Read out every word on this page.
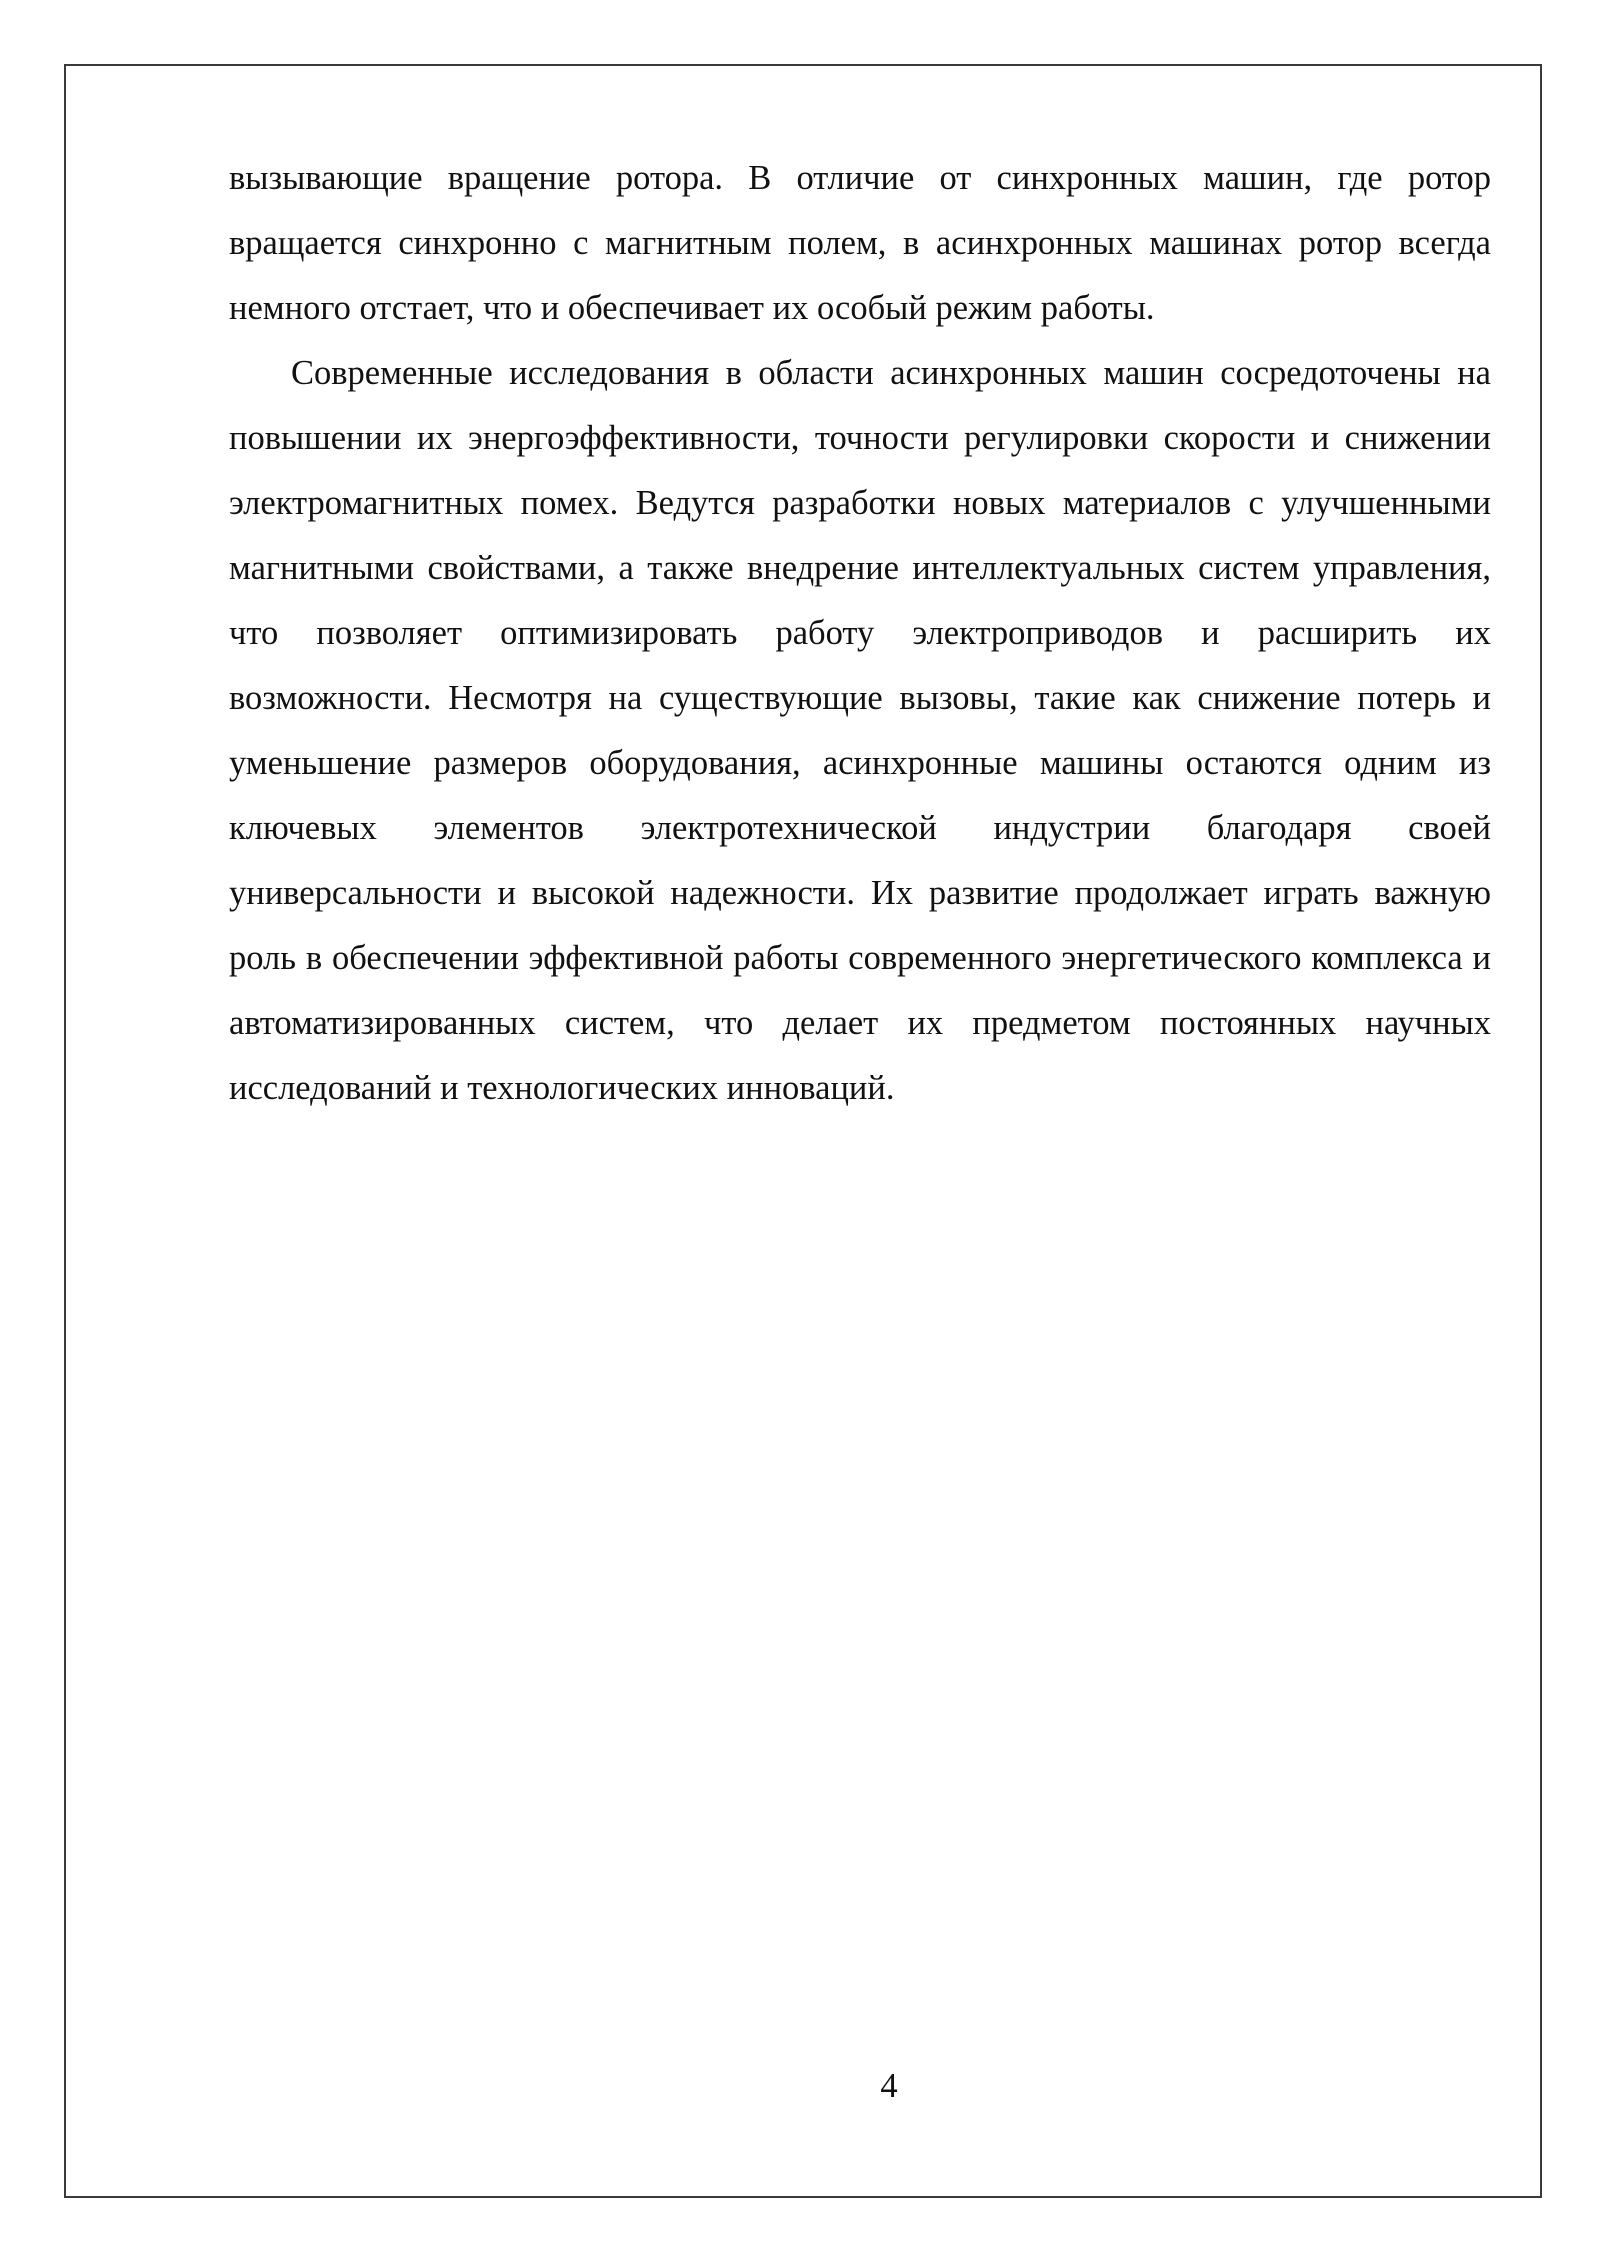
вызывающие вращение ротора. В отличие от синхронных машин, где ротор вращается синхронно с магнитным полем, в асинхронных машинах ротор всегда немного отстает, что и обеспечивает их особый режим работы.

Современные исследования в области асинхронных машин сосредоточены на повышении их энергоэффективности, точности регулировки скорости и снижении электромагнитных помех. Ведутся разработки новых материалов с улучшенными магнитными свойствами, а также внедрение интеллектуальных систем управления, что позволяет оптимизировать работу электроприводов и расширить их возможности. Несмотря на существующие вызовы, такие как снижение потерь и уменьшение размеров оборудования, асинхронные машины остаются одним из ключевых элементов электротехнической индустрии благодаря своей универсальности и высокой надежности. Их развитие продолжает играть важную роль в обеспечении эффективной работы современного энергетического комплекса и автоматизированных систем, что делает их предметом постоянных научных исследований и технологических инноваций.

4
